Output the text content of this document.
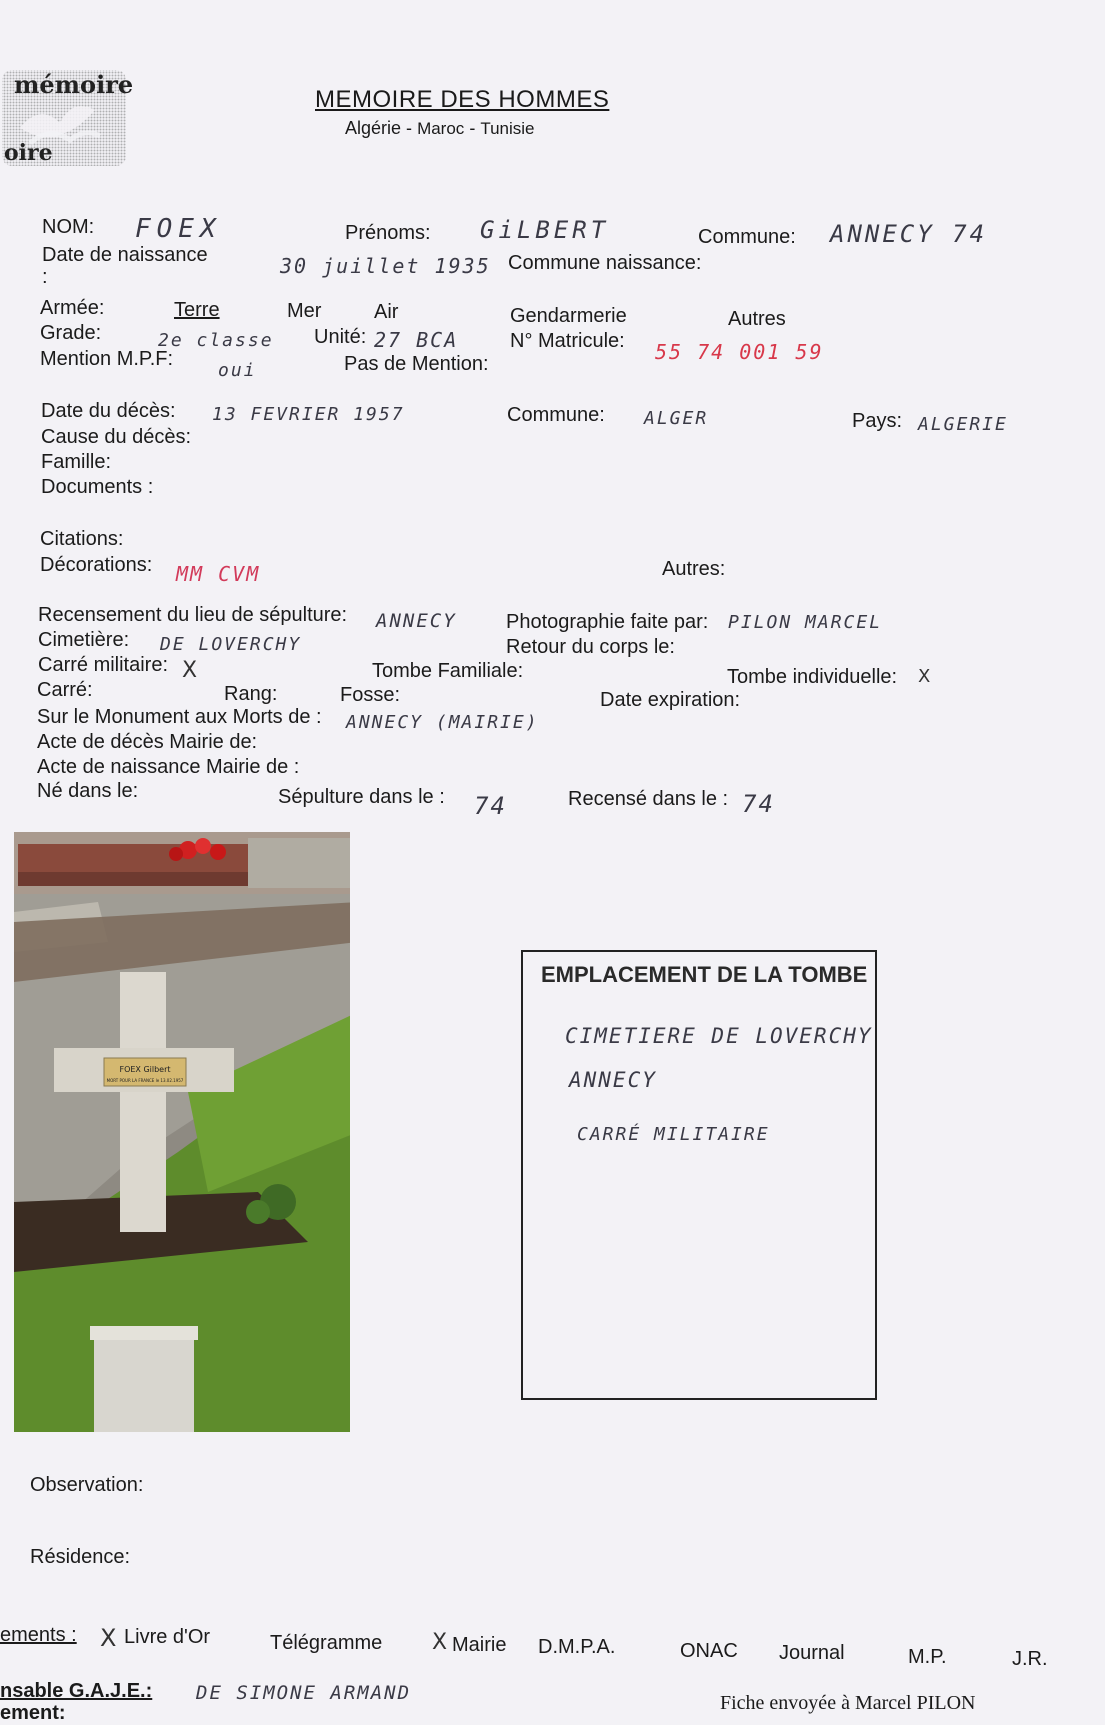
mémoire
oire
MEMOIRE DES HOMMES
Algérie - Maroc - Tunisie
NOM: FOEX	Prénoms: GiLBERT	Commune: ANNECY 74
Date de naissance
:	30 juillet 1935 Commune naissance:
Armée:	Terre	Mer	Air	Gendarmerie	Autres
Grade:	2e classe Unité: 27 BCA	N° Matricule: 55 74 001 59
Mention M.P.F:
oui	Pas de Mention:
Date du décès: 13 FEVRIER 1957	Commune: ALGER	Pays: ALGERIE
Cause du décès:
Famille:
Documents :
Citations:
Décorations: MM CVM	Autres:
Recensement du lieu de sépulture: ANNECY Photographie faite par: PILON MARCEL
Cimetière: DE LOVERCHY	Retour du corps le:
Carré militaire: X	Tombe Familiale:	Tombe individuelle: X
Carré:	Rang:	Fosse:	Date expiration:
Sur le Monument aux Morts de : ANNECY (MAIRIE)
Acte de décès Mairie de:
Acte de naissance Mairie de :
Né dans le:	Sépulture dans le : 74	Recensé dans le : 74
FOEX Gilbert
MORT POUR LA FRANCE le 13.02.1957
EMPLACEMENT DE LA TOMBE
CIMETIERE DE LOVERCHY
ANNECY
CARRÉ MILITAIRE
Observation:
Résidence:
ements : X Livre d'Or	Télégramme X Mairie D.M.P.A.	ONAC Journal	M.P.	J.R.
nsable G.A.J.E.: DE SIMONE ARMAND	Fiche envoyée à Marcel PILON
ement:
